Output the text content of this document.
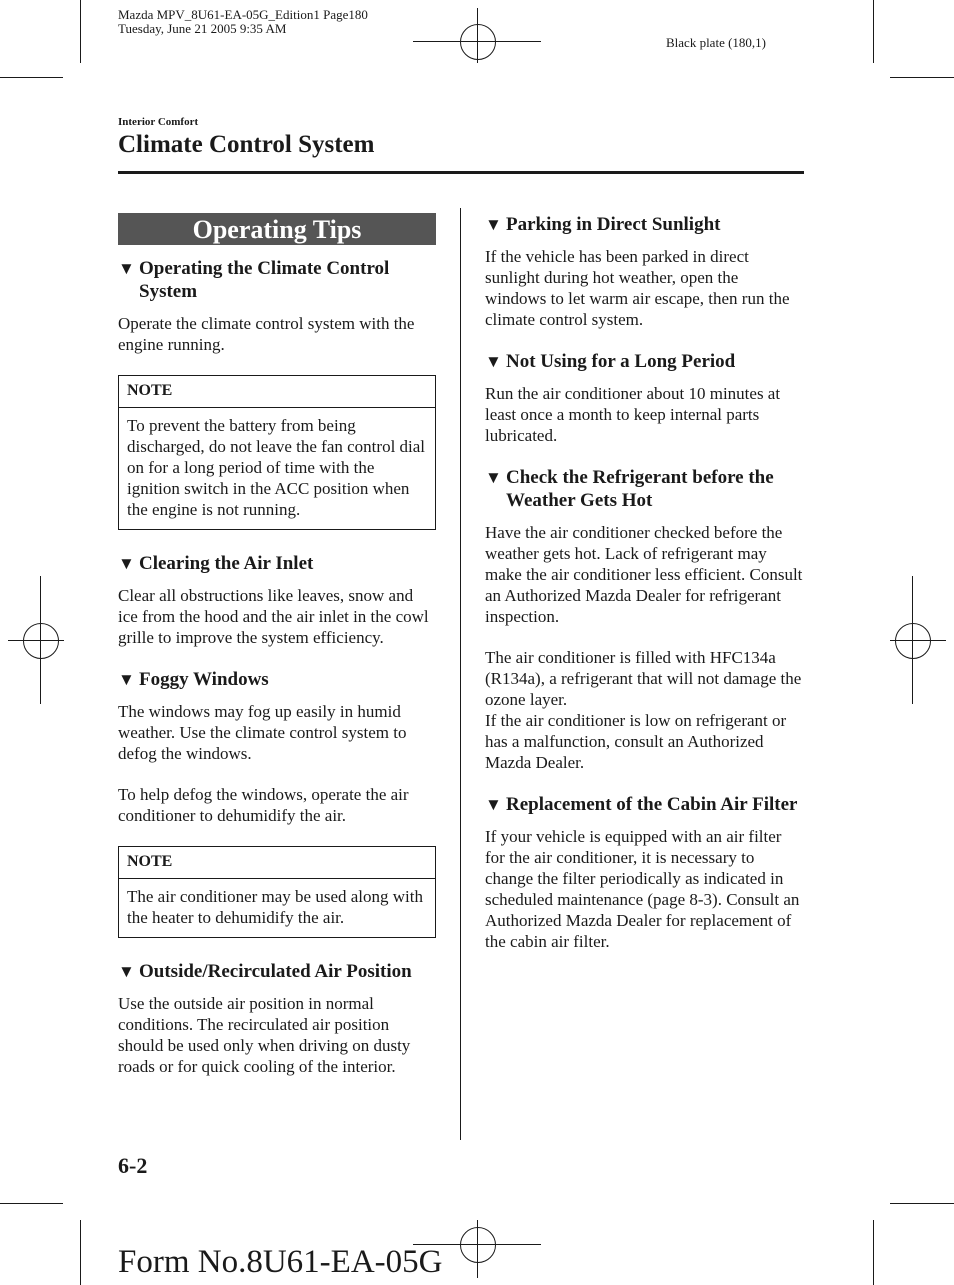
Mazda MPV_8U61-EA-05G_Edition1 Page180
Tuesday, June 21 2005 9:35 AM
Black plate (180,1)
Interior Comfort
Climate Control System
Operating Tips
▼ Operating the Climate Control System
Operate the climate control system with the engine running.
NOTE
To prevent the battery from being discharged, do not leave the fan control dial on for a long period of time with the ignition switch in the ACC position when the engine is not running.
▼ Clearing the Air Inlet
Clear all obstructions like leaves, snow and ice from the hood and the air inlet in the cowl grille to improve the system efficiency.
▼ Foggy Windows
The windows may fog up easily in humid weather. Use the climate control system to defog the windows.
To help defog the windows, operate the air conditioner to dehumidify the air.
NOTE
The air conditioner may be used along with the heater to dehumidify the air.
▼ Outside/Recirculated Air Position
Use the outside air position in normal conditions. The recirculated air position should be used only when driving on dusty roads or for quick cooling of the interior.
▼ Parking in Direct Sunlight
If the vehicle has been parked in direct sunlight during hot weather, open the windows to let warm air escape, then run the climate control system.
▼ Not Using for a Long Period
Run the air conditioner about 10 minutes at least once a month to keep internal parts lubricated.
▼ Check the Refrigerant before the Weather Gets Hot
Have the air conditioner checked before the weather gets hot. Lack of refrigerant may make the air conditioner less efficient. Consult an Authorized Mazda Dealer for refrigerant inspection.
The air conditioner is filled with HFC134a (R134a), a refrigerant that will not damage the ozone layer.
If the air conditioner is low on refrigerant or has a malfunction, consult an Authorized Mazda Dealer.
▼ Replacement of the Cabin Air Filter
If your vehicle is equipped with an air filter for the air conditioner, it is necessary to change the filter periodically as indicated in scheduled maintenance (page 8-3). Consult an Authorized Mazda Dealer for replacement of the cabin air filter.
6-2
Form No.8U61-EA-05G
